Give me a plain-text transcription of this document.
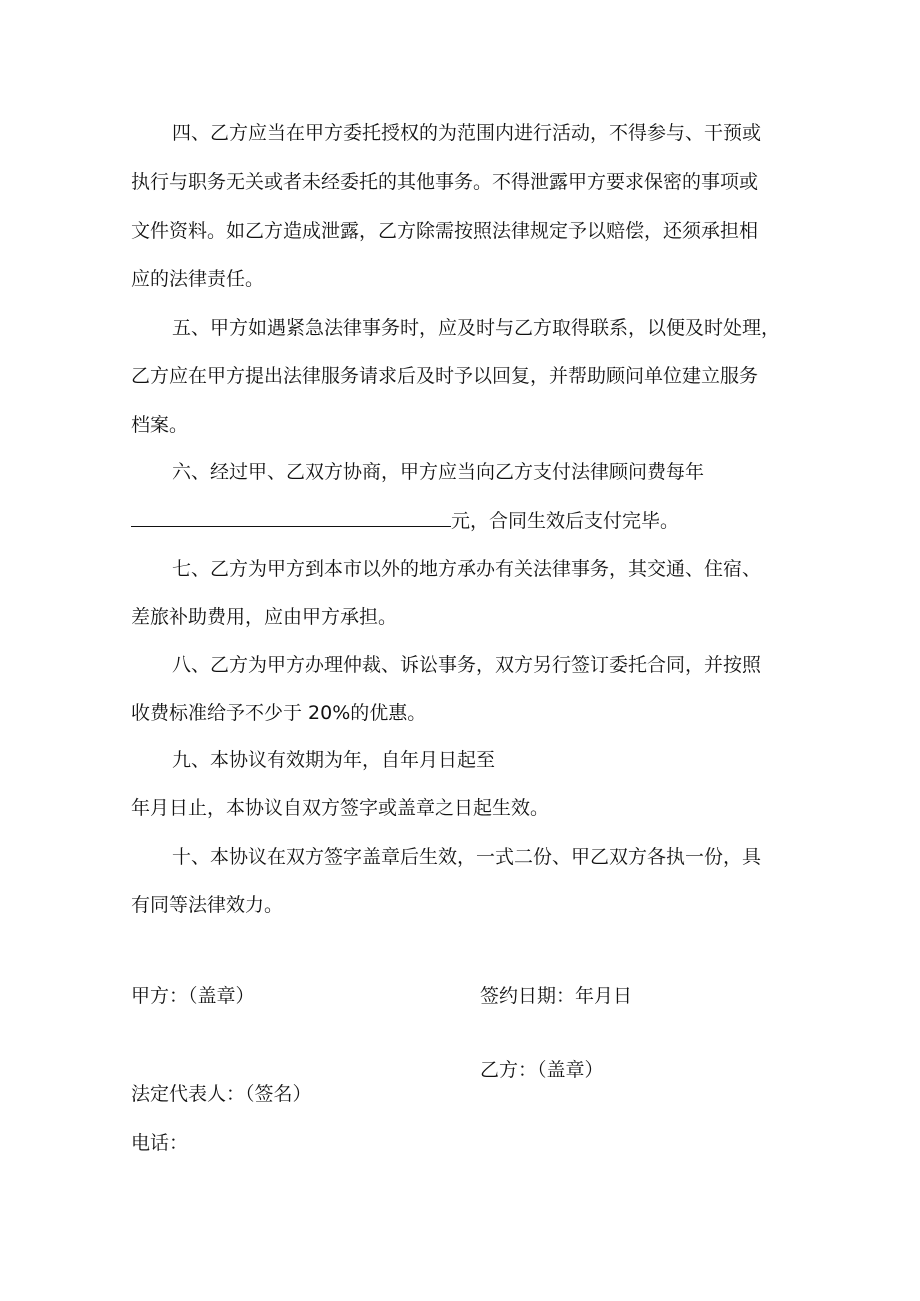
四、乙方应当在甲方委托授权的为范围内进行活动，不得参与、干预或
执行与职务无关或者未经委托的其他事务。不得泄露甲方要求保密的事项或
文件资料。如乙方造成泄露，乙方除需按照法律规定予以赔偿，还须承担相
应的法律责任。
五、甲方如遇紧急法律事务时，应及时与乙方取得联系，以便及时处理，
乙方应在甲方提出法律服务请求后及时予以回复，并帮助顾问单位建立服务
档案。
六、经过甲、乙双方协商，甲方应当向乙方支付法律顾问费每年
元，合同生效后支付完毕。
七、乙方为甲方到本市以外的地方承办有关法律事务，其交通、住宿、
差旅补助费用，应由甲方承担。
八、乙方为甲方办理仲裁、诉讼事务，双方另行签订委托合同，并按照
收费标准给予不少于 20%的优惠。
九、本协议有效期为年，自年月日起至
年月日止，本协议自双方签字或盖章之日起生效。
十、本协议在双方签字盖章后生效，一式二份、甲乙双方各执一份，具
有同等法律效力。
甲方：（盖章）	签约日期：年月日
乙方：（盖章）
法定代表人：（签名）
电话：
